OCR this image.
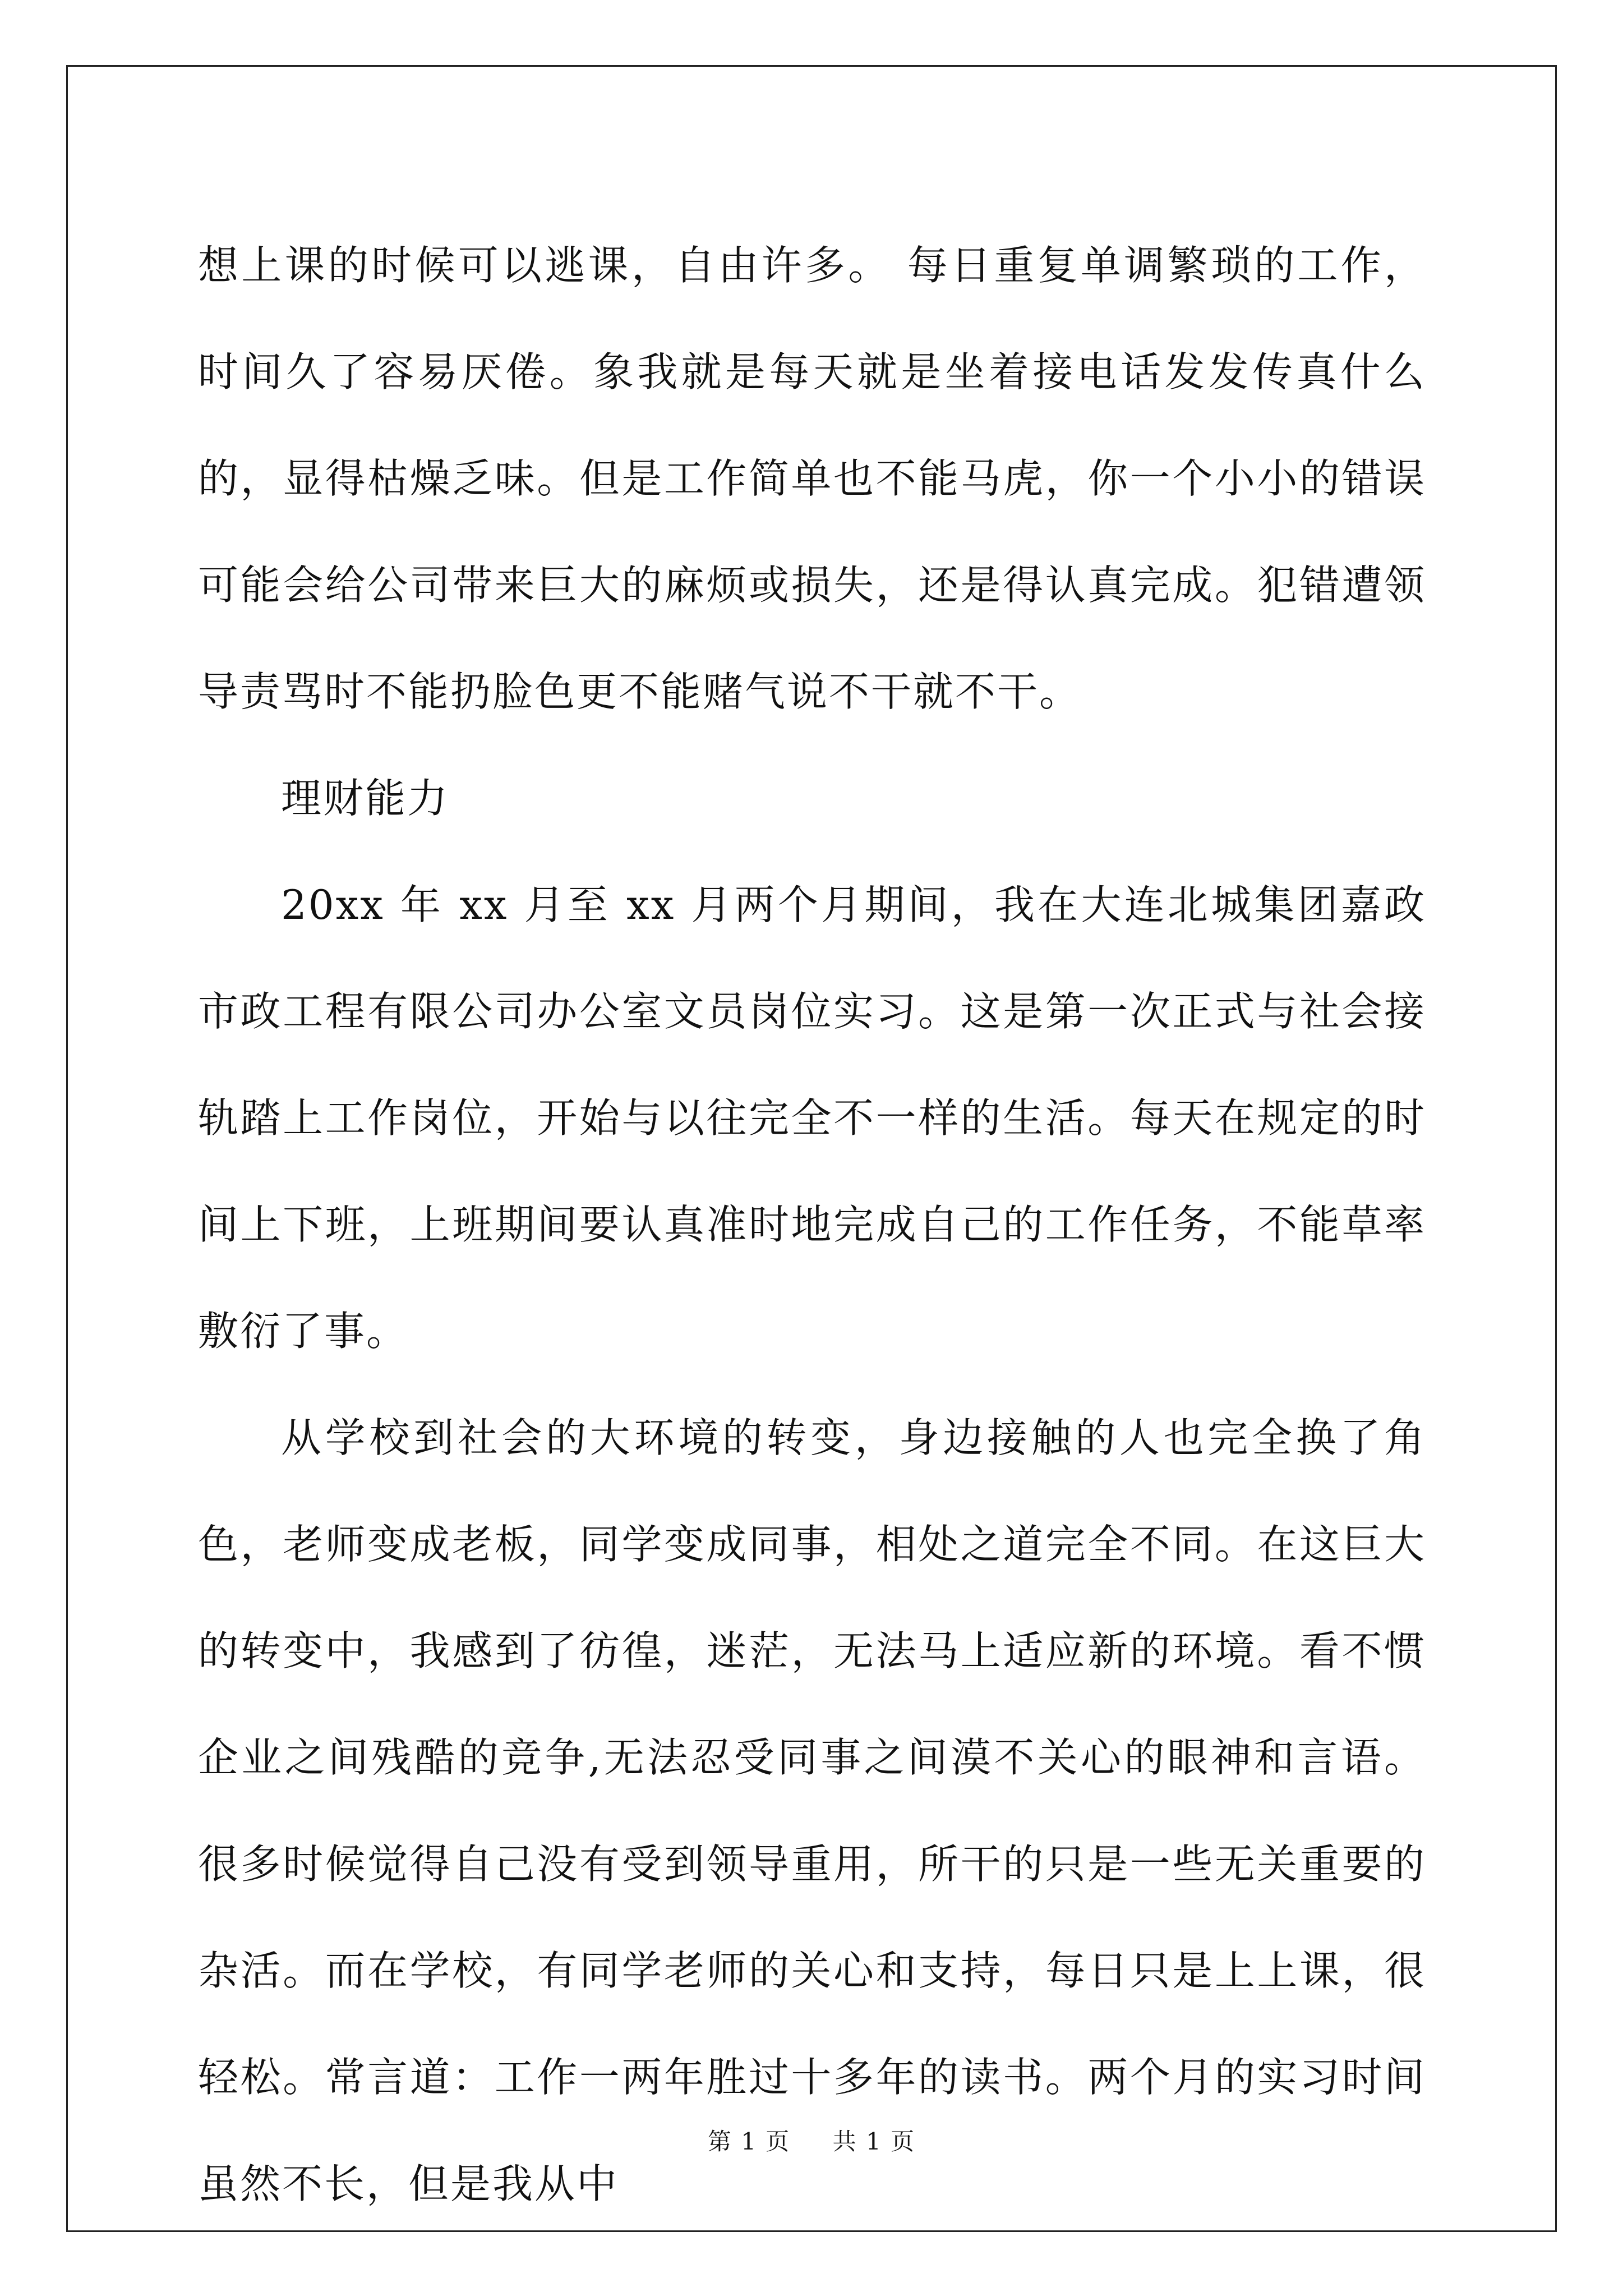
想上课的时候可以逃课，自由许多。 每日重复单调繁琐的工作，时间久了容易厌倦。象我就是每天就是坐着接电话发发传真什么的，显得枯燥乏味。但是工作简单也不能马虎，你一个小小的错误可能会给公司带来巨大的麻烦或损失，还是得认真完成。犯错遭领导责骂时不能扔脸色更不能赌气说不干就不干。

理财能力

20xx 年 xx 月至 xx 月两个月期间，我在大连北城集团嘉政市政工程有限公司办公室文员岗位实习。这是第一次正式与社会接轨踏上工作岗位，开始与以往完全不一样的生活。每天在规定的时间上下班，上班期间要认真准时地完成自己的工作任务，不能草率敷衍了事。

从学校到社会的大环境的转变，身边接触的人也完全换了角色，老师变成老板，同学变成同事，相处之道完全不同。在这巨大的转变中，我感到了彷徨，迷茫，无法马上适应新的环境。看不惯企业之间残酷的竞争,无法忍受同事之间漠不关心的眼神和言语。很多时候觉得自己没有受到领导重用，所干的只是一些无关重要的杂活。而在学校，有同学老师的关心和支持，每日只是上上课，很轻松。常言道：工作一两年胜过十多年的读书。两个月的实习时间虽然不长，但是我从中

第 1 页 共 1 页
